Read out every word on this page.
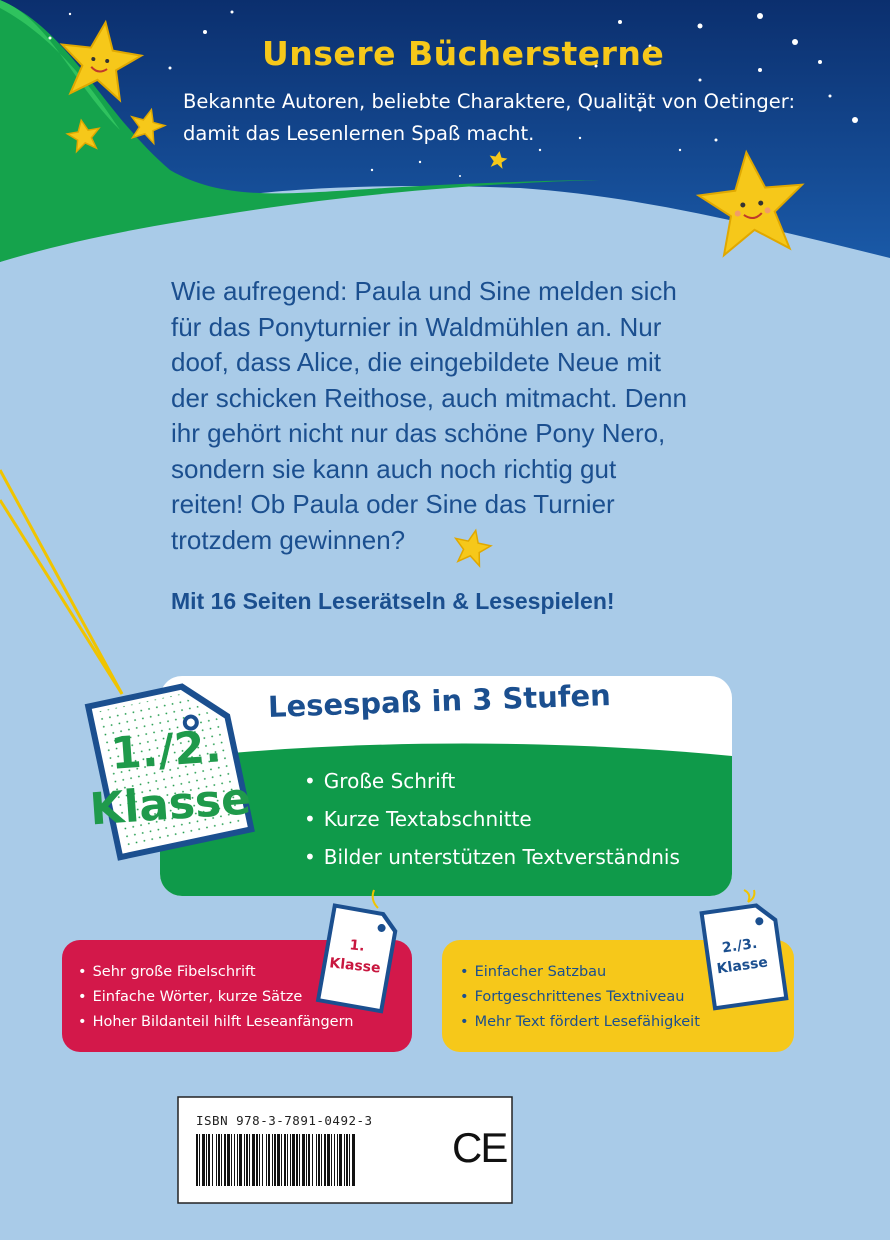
Unsere Büchersterne
Bekannte Autoren, beliebte Charaktere, Qualität von Oetinger: damit das Lesenlernen Spaß macht.
Wie aufregend: Paula und Sine melden sich
für das Ponyturnier in Waldmühlen an. Nur
doof, dass Alice, die eingebildete Neue mit
der schicken Reithose, auch mitmacht. Denn
ihr gehört nicht nur das schöne Pony Nero,
sondern sie kann auch noch richtig gut
reiten! Ob Paula oder Sine das Turnier
trotzdem gewinnen?
Mit 16 Seiten Leserätseln & Lesespielen!
Lesespaß in 3 Stufen
• Große Schrift
• Kurze Textabschnitte
• Bilder unterstützen Textverständnis
1./2.
Klasse
• Sehr große Fibelschrift
• Einfache Wörter, kurze Sätze
• Hoher Bildanteil hilft Leseanfängern
1.
Klasse
•	Einfacher Satzbau
• Fortgeschrittenes Textniveau
• Mehr Text fördert Lesefähigkeit
2./3.
Klasse
ISBN 978-3-7891-0492-3
CE
